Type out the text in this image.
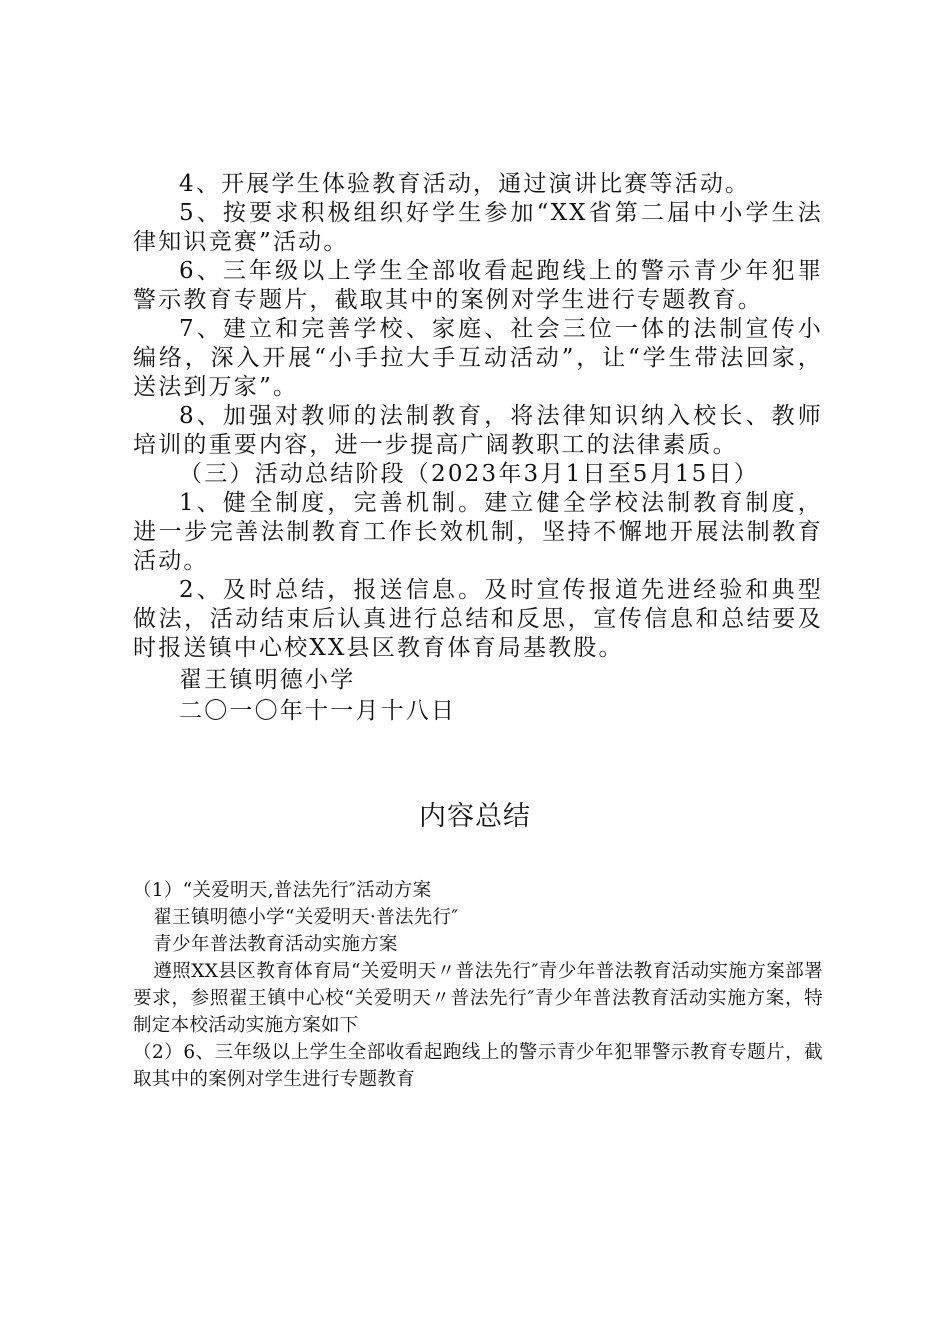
4、开展学生体验教育活动，通过演讲比赛等活动。

5、按要求积极组织好学生参加“XX省第二届中小学生法律知识竞赛”活动。

6、三年级以上学生全部收看起跑线上的警示青少年犯罪警示教育专题片，截取其中的案例对学生进行专题教育。

7、建立和完善学校、家庭、社会三位一体的法制宣传小编络，深入开展“小手拉大手互动活动”，让“学生带法回家，送法到万家”。

8、加强对教师的法制教育，将法律知识纳入校长、教师培训的重要内容，进一步提高广阔教职工的法律素质。

（三）活动总结阶段（2023年3月1日至5月15日）

1、健全制度，完善机制。建立健全学校法制教育制度，进一步完善法制教育工作长效机制，坚持不懈地开展法制教育活动。

2、及时总结，报送信息。及时宣传报道先进经验和典型做法，活动结束后认真进行总结和反思，宣传信息和总结要及时报送镇中心校XX县区教育体育局基教股。

翟王镇明德小学

二〇一〇年十一月十八日

内容总结

（1）“关爱明天,普法先行″活动方案

翟王镇明德小学“关爱明天·普法先行″

青少年普法教育活动实施方案

遵照XX县区教育体育局“关爱明天〃普法先行″青少年普法教育活动实施方案部署要求，参照翟王镇中心校“关爱明天〃普法先行″青少年普法教育活动实施方案，特制定本校活动实施方案如下

（2）6、三年级以上学生全部收看起跑线上的警示青少年犯罪警示教育专题片，截取其中的案例对学生进行专题教育
